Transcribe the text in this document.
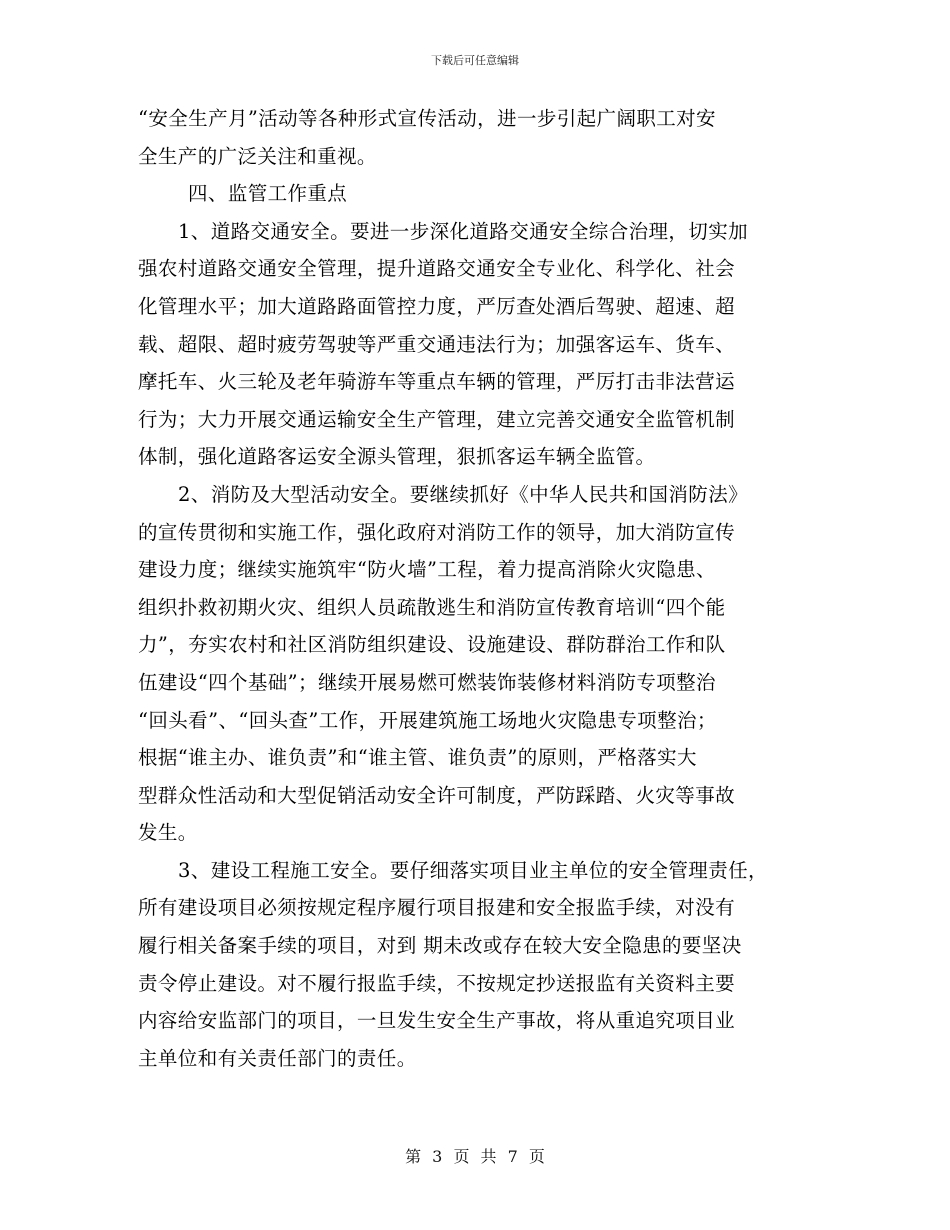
下载后可任意编辑
“安全生产月”活动等各种形式宣传活动，进一步引起广阔职工对安
全生产的广泛关注和重视。
四、监管工作重点
1、道路交通安全。要进一步深化道路交通安全综合治理，切实加
强农村道路交通安全管理，提升道路交通安全专业化、科学化、社会
化管理水平；加大道路路面管控力度，严厉查处酒后驾驶、超速、超
载、超限、超时疲劳驾驶等严重交通违法行为；加强客运车、货车、
摩托车、火三轮及老年骑游车等重点车辆的管理，严厉打击非法营运
行为；大力开展交通运输安全生产管理，建立完善交通安全监管机制
体制，强化道路客运安全源头管理，狠抓客运车辆全监管。
2、消防及大型活动安全。要继续抓好《中华人民共和国消防法》
的宣传贯彻和实施工作，强化政府对消防工作的领导，加大消防宣传
建设力度；继续实施筑牢“防火墙”工程，着力提高消除火灾隐患、
组织扑救初期火灾、组织人员疏散逃生和消防宣传教育培训“四个能
力”，夯实农村和社区消防组织建设、设施建设、群防群治工作和队
伍建设“四个基础”；继续开展易燃可燃装饰装修材料消防专项整治
“回头看”、“回头查”工作，开展建筑施工场地火灾隐患专项整治；
根据“谁主办、谁负责”和“谁主管、谁负责”的原则，严格落实大
型群众性活动和大型促销活动安全许可制度，严防踩踏、火灾等事故
发生。
3、建设工程施工安全。要仔细落实项目业主单位的安全管理责任，
所有建设项目必须按规定程序履行项目报建和安全报监手续，对没有
履行相关备案手续的项目，对到 期未改或存在较大安全隐患的要坚决
责令停止建设。对不履行报监手续，不按规定抄送报监有关资料主要
内容给安监部门的项目，一旦发生安全生产事故，将从重追究项目业
主单位和有关责任部门的责任。
第 3 页 共 7 页
